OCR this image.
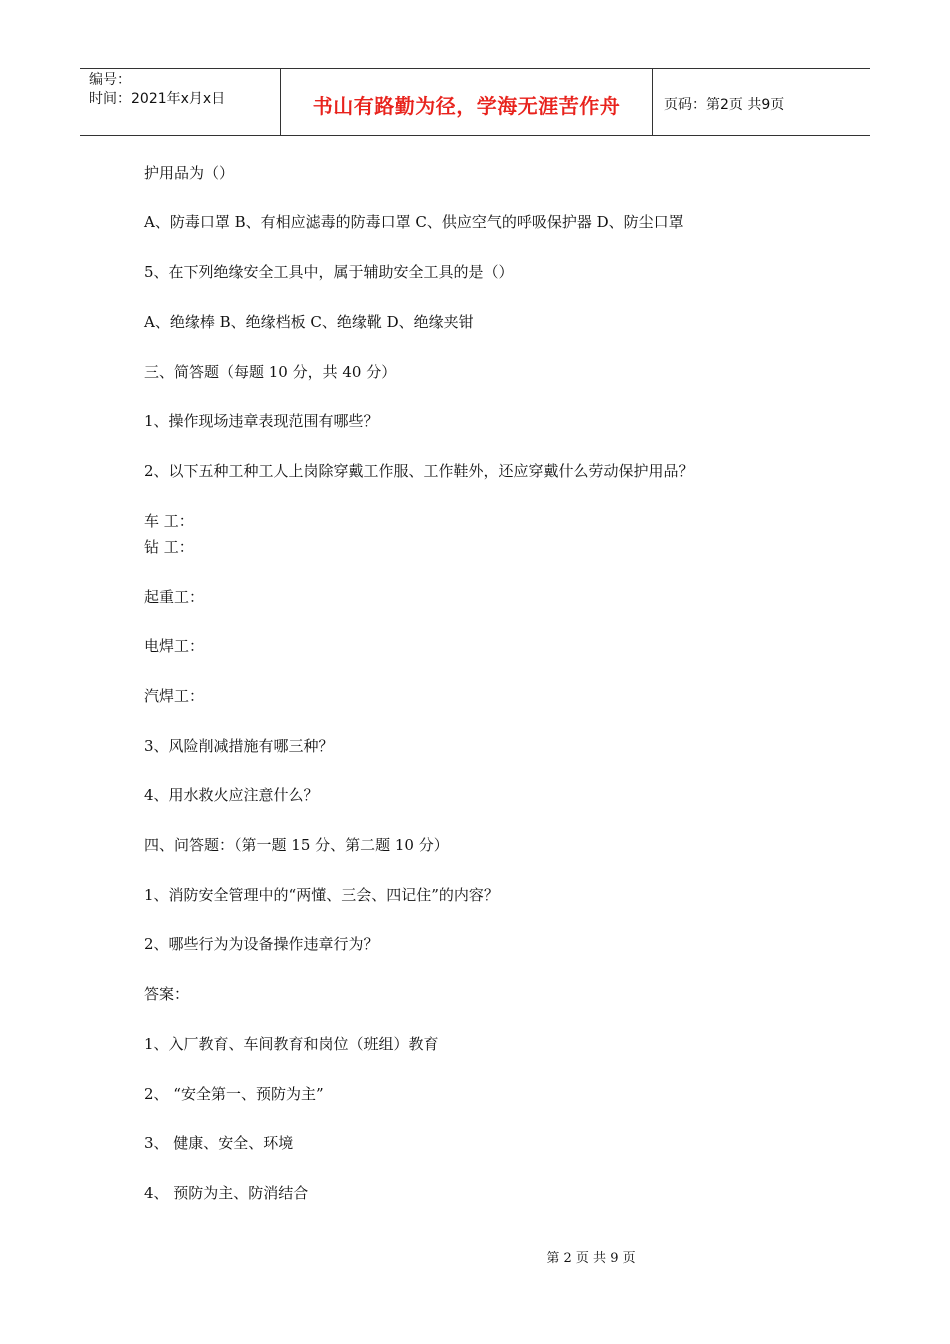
编号：
时间：2021年x月x日	书山有路勤为径，学海无涯苦作舟	页码：第2页 共9页
护用品为（）
A、防毒口罩 B、有相应滤毒的防毒口罩 C、供应空气的呼吸保护器 D、防尘口罩
5、在下列绝缘安全工具中，属于辅助安全工具的是（）
A、绝缘棒 B、绝缘档板 C、绝缘靴 D、绝缘夹钳
三、简答题（每题 10 分，共 40 分）
1、操作现场违章表现范围有哪些？
2、以下五种工种工人上岗除穿戴工作服、工作鞋外，还应穿戴什么劳动保护用品？
车 工：
钻 工：
起重工：
电焊工：
汽焊工：
3、风险削减措施有哪三种？
4、用水救火应注意什么？
四、问答题：（第一题 15 分、第二题 10 分）
1、消防安全管理中的“两懂、三会、四记住”的内容？
2、哪些行为为设备操作违章行为？
答案：
1、入厂教育、车间教育和岗位（班组）教育
2、 “安全第一、预防为主”
3、 健康、安全、环境
4、 预防为主、防消结合
第 2 页 共 9 页
